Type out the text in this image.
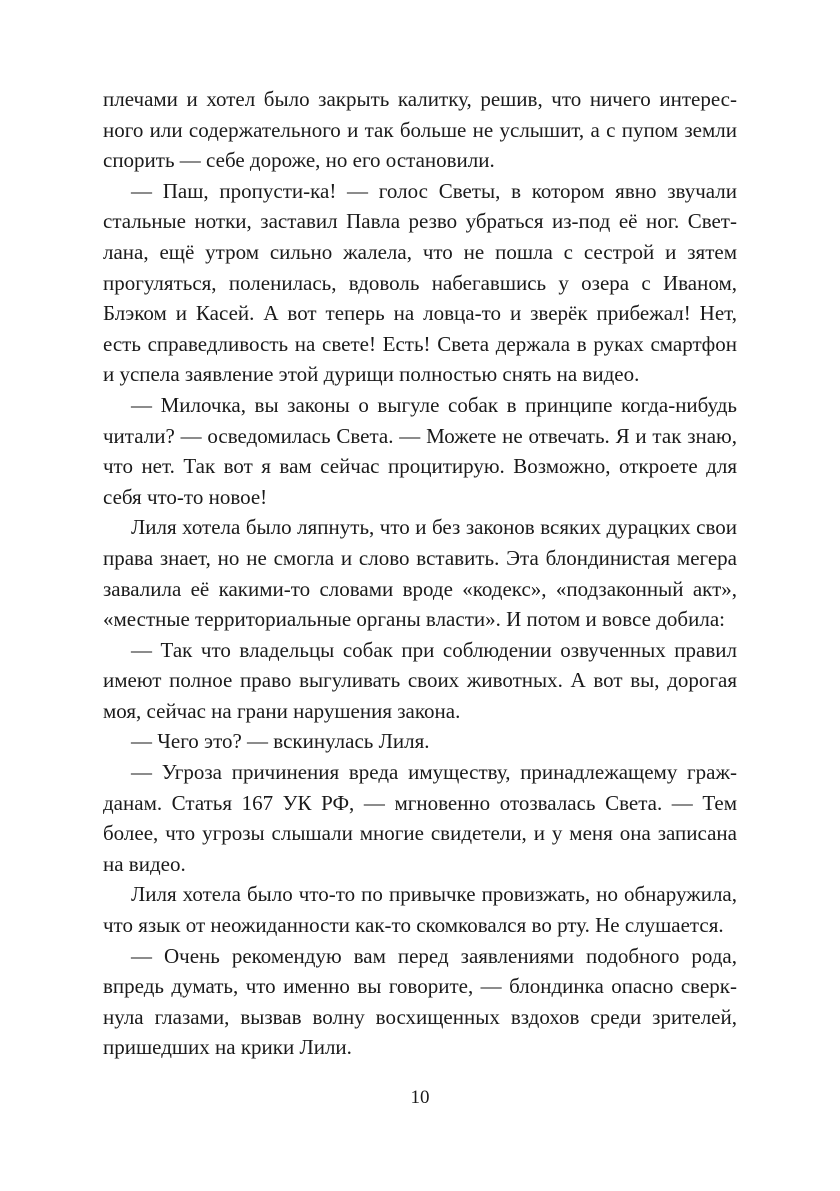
плечами и хотел было закрыть калитку, решив, что ничего интересного или содержательного и так больше не услышит, а с пупом земли спорить — себе дороже, но его остановили.

— Паш, пропусти-ка! — голос Светы, в котором явно звучали стальные нотки, заставил Павла резво убраться из-под её ног. Светлана, ещё утром сильно жалела, что не пошла с сестрой и зятем прогуляться, поленилась, вдоволь набегавшись у озера с Иваном, Блэком и Касей. А вот теперь на ловца-то и зверёк прибежал! Нет, есть справедливость на свете! Есть! Света держала в руках смартфон и успела заявление этой дурищи полностью снять на видео.

— Милочка, вы законы о выгуле собак в принципе когда-нибудь читали? — осведомилась Света. — Можете не отвечать. Я и так знаю, что нет. Так вот я вам сейчас процитирую. Возможно, откроете для себя что-то новое!

Лиля хотела было ляпнуть, что и без законов всяких дурацких свои права знает, но не смогла и слово вставить. Эта блондинистая мегера завалила её какими-то словами вроде «кодекс», «подзаконный акт», «местные территориальные органы власти». И потом и вовсе добила:

— Так что владельцы собак при соблюдении озвученных правил имеют полное право выгуливать своих животных. А вот вы, дорогая моя, сейчас на грани нарушения закона.

— Чего это? — вскинулась Лиля.

— Угроза причинения вреда имуществу, принадлежащему гражданам. Статья 167 УК РФ, — мгновенно отозвалась Света. — Тем более, что угрозы слышали многие свидетели, и у меня она записана на видео.

Лиля хотела было что-то по привычке провизжать, но обнаружила, что язык от неожиданности как-то скомковался во рту. Не слушается.

— Очень рекомендую вам перед заявлениями подобного рода, впредь думать, что именно вы говорите, — блондинка опасно сверкнула глазами, вызвав волну восхищенных вздохов среди зрителей, пришедших на крики Лили.

10
